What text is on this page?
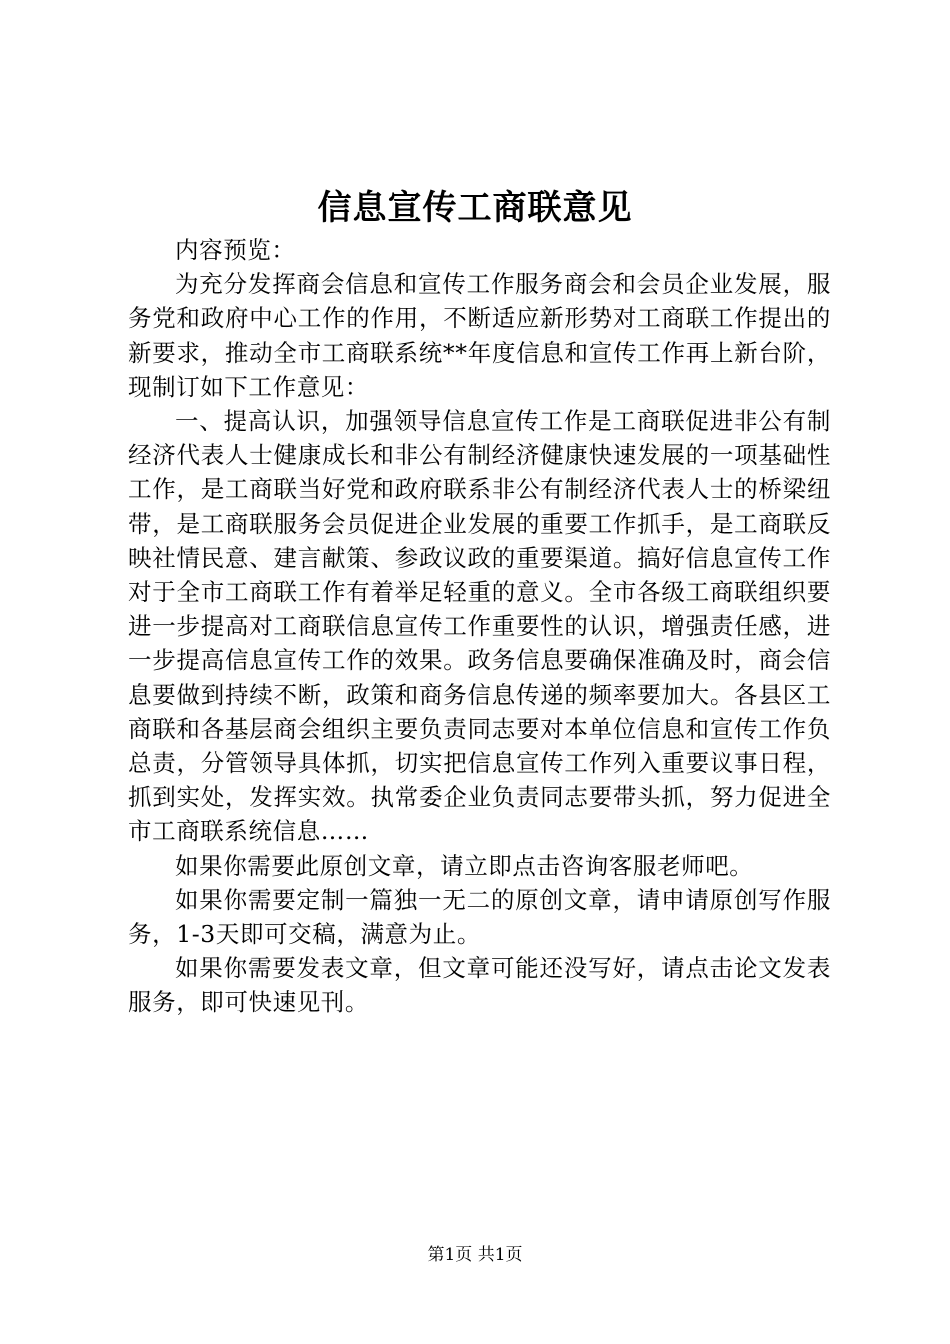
信息宣传工商联意见

内容预览：

为充分发挥商会信息和宣传工作服务商会和会员企业发展，服务党和政府中心工作的作用，不断适应新形势对工商联工作提出的新要求，推动全市工商联系统**年度信息和宣传工作再上新台阶，现制订如下工作意见：

一、提高认识，加强领导信息宣传工作是工商联促进非公有制经济代表人士健康成长和非公有制经济健康快速发展的一项基础性工作，是工商联当好党和政府联系非公有制经济代表人士的桥梁纽带，是工商联服务会员促进企业发展的重要工作抓手，是工商联反映社情民意、建言献策、参政议政的重要渠道。搞好信息宣传工作对于全市工商联工作有着举足轻重的意义。全市各级工商联组织要进一步提高对工商联信息宣传工作重要性的认识，增强责任感，进一步提高信息宣传工作的效果。政务信息要确保准确及时，商会信息要做到持续不断，政策和商务信息传递的频率要加大。各县区工商联和各基层商会组织主要负责同志要对本单位信息和宣传工作负总责，分管领导具体抓，切实把信息宣传工作列入重要议事日程，抓到实处，发挥实效。执常委企业负责同志要带头抓，努力促进全市工商联系统信息……

如果你需要此原创文章，请立即点击咨询客服老师吧。

如果你需要定制一篇独一无二的原创文章，请申请原创写作服务，1-3天即可交稿，满意为止。

如果你需要发表文章，但文章可能还没写好，请点击论文发表服务，即可快速见刊。

第1页 共1页
